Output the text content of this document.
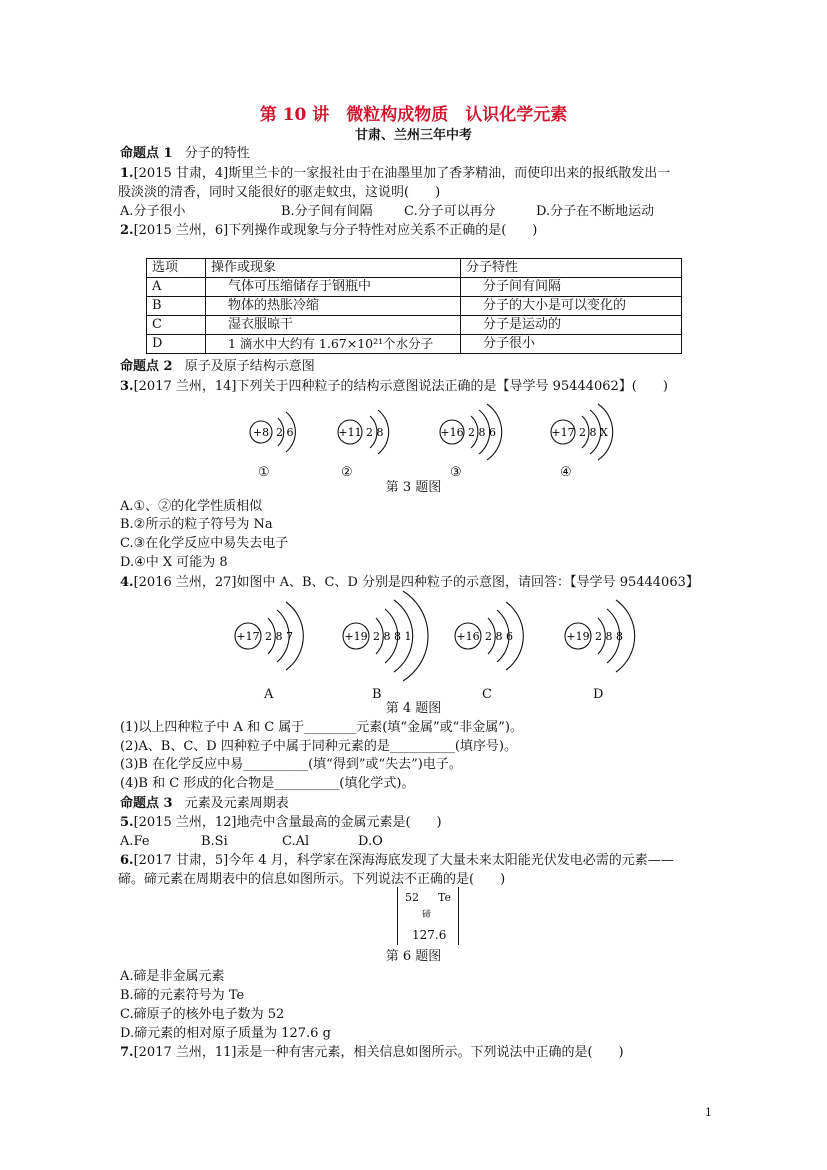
第 10 讲　微粒构成物质　认识化学元素
甘肃、兰州三年中考
命题点 1 分子的特性
1.[2015 甘肃，4]斯里兰卡的一家报社由于在油墨里加了香茅精油，而使印出来的报纸散发出一
股淡淡的清香，同时又能很好的驱走蚊虫，这说明(　　)
A.分子很小	B.分子间有间隔 C.分子可以再分	D.分子在不断地运动
2.[2015 兰州，6]下列操作或现象与分子特性对应关系不正确的是(　　)
选项	操作或现象	分子特性
A	气体可压缩储存于钢瓶中	分子间有间隔
B	物体的热胀冷缩	分子的大小是可以变化的
C	湿衣服晾干	分子是运动的
D	1 滴水中大约有 1.67×10²¹个水分子	分子很小
命题点 2 原子及原子结构示意图
3.[2017 兰州，14]下列关于四种粒子的结构示意图说法正确的是【导学号 95444062】(　　)
+8 2 6
①
+11 2 8
②
+16 2 8 6
③
+17 2 8 X
④
第 3 题图
A.①、②的化学性质相似
B.②所示的粒子符号为 Na
C.③在化学反应中易失去电子
D.④中 X 可能为 8
4.[2016 兰州，27]如图中 A、B、C、D 分别是四种粒子的示意图，请回答：【导学号 95444063】
+17 2 8 7
A
+19 2 8 8 1
B
+16 2 8 6
C
+19 2 8 8
D
第 4 题图
(1)以上四种粒子中 A 和 C 属于________元素(填“金属”或“非金属”)。
(2)A、B、C、D 四种粒子中属于同种元素的是__________(填序号)。
(3)B 在化学反应中易__________(填“得到”或“失去”)电子。
(4)B 和 C 形成的化合物是__________(填化学式)。
命题点 3 元素及元素周期表
5.[2015 兰州，12]地壳中含量最高的金属元素是(　　)
A.Fe	B.Si	C.Al	D.O
6.[2017 甘肃，5]今年 4 月，科学家在深海海底发现了大量未来太阳能光伏发电必需的元素——
碲。碲元素在周期表中的信息如图所示。下列说法不正确的是(　　)
52 Te
碲
127.6
第 6 题图
A.碲是非金属元素
B.碲的元素符号为 Te
C.碲原子的核外电子数为 52
D.碲元素的相对原子质量为 127.6 g
7.[2017 兰州，11]汞是一种有害元素，相关信息如图所示。下列说法中正确的是(　　)
1
